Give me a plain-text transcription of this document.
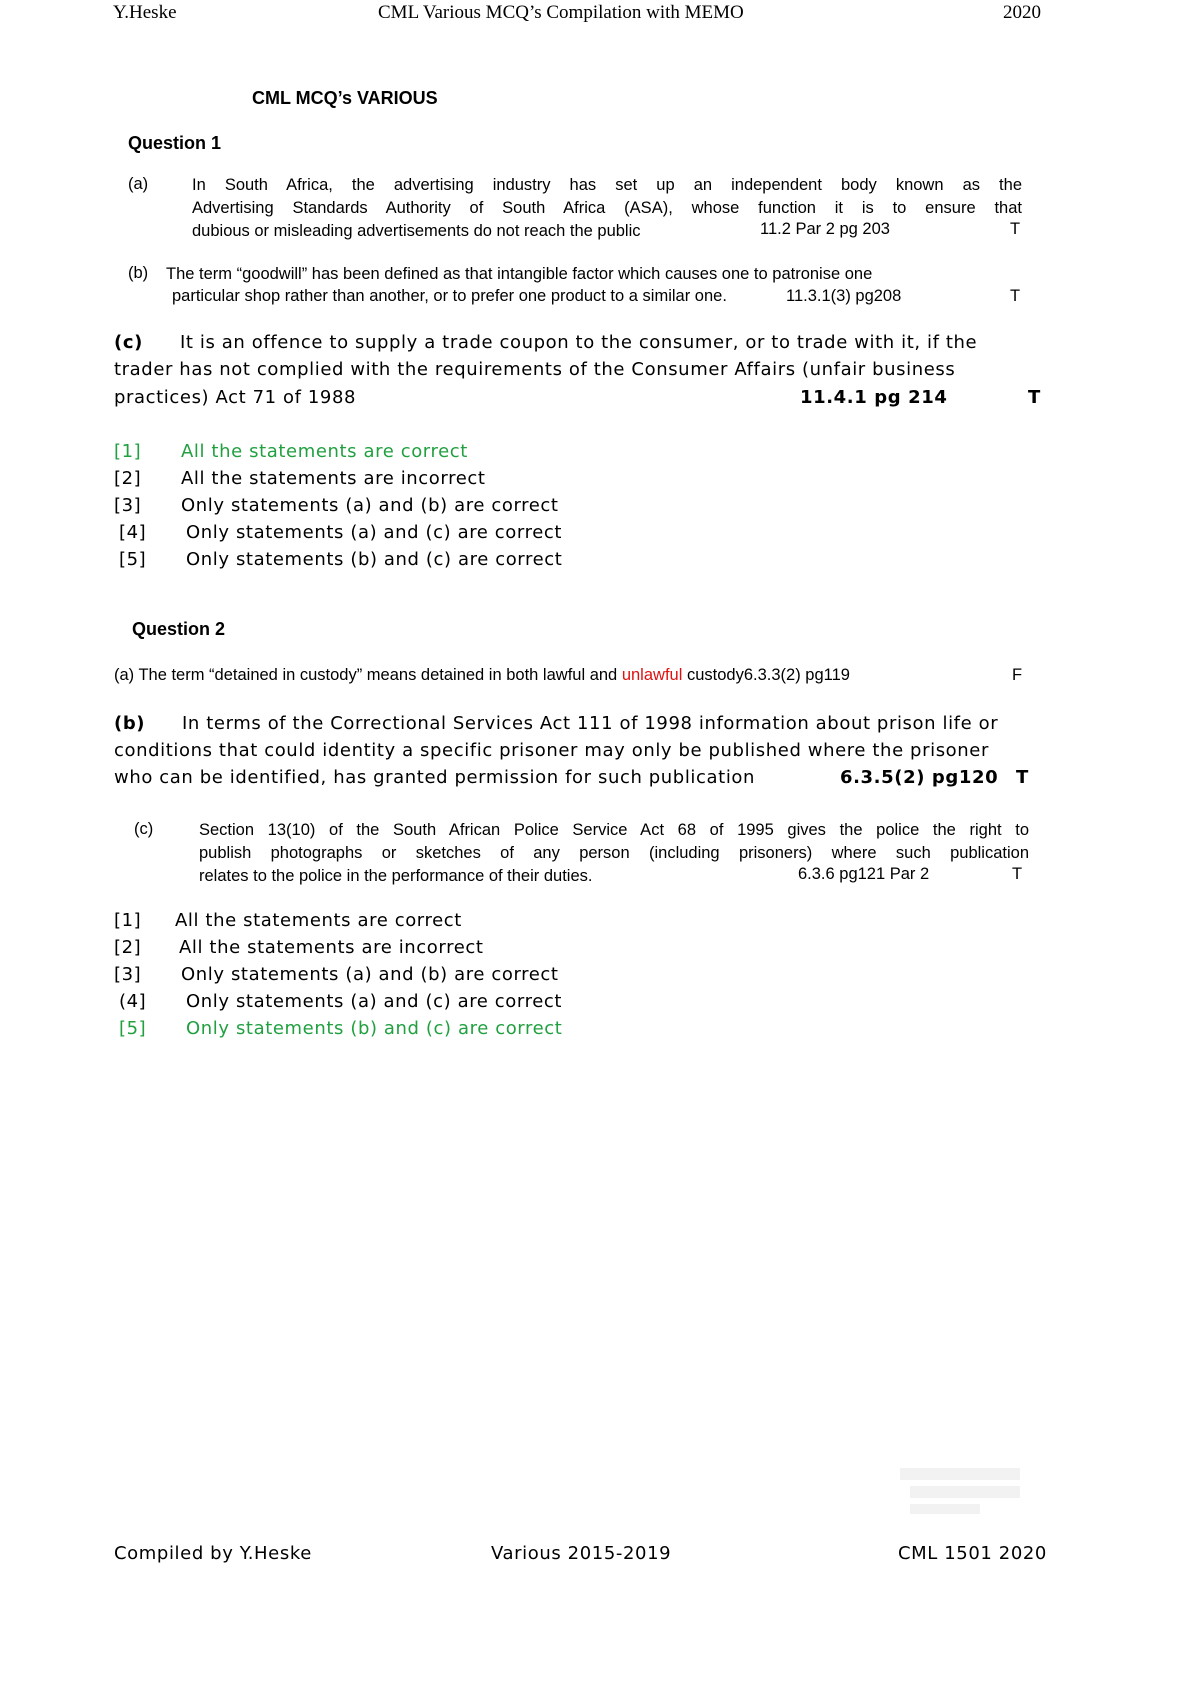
Y.Heske	CML Various MCQ’s Compilation with MEMO	2020
CML MCQ’s VARIOUS
Question 1
(a)	In South Africa, the advertising industry has set up an independent body known as the
Advertising Standards Authority of South Africa (ASA), whose function it is to ensure that
dubious or misleading advertisements do not reach the public	11.2 Par 2 pg 203	T
(b) The term “goodwill” has been defined as that intangible factor which causes one to patronise one
particular shop rather than another, or to prefer one product to a similar one.	11.3.1(3) pg208	T
(c) It is an offence to supply a trade coupon to the consumer, or to trade with it, if the
trader has not complied with the requirements of the Consumer Affairs (unfair business
practices) Act 71 of 1988	11.4.1 pg 214	T
[1] All the statements are correct
[2] All the statements are incorrect
[3] Only statements (a) and (b) are correct
[4] Only statements (a) and (c) are correct
[5] Only statements (b) and (c) are correct
Question 2
(a) The term “detained in custody” means detained in both lawful and unlawful custody6.3.3(2) pg119	F
(b) In terms of the Correctional Services Act 111 of 1998 information about prison life or
conditions that could identity a specific prisoner may only be published where the prisoner
who can be identified, has granted permission for such publication	6.3.5(2) pg120 T
(c)	Section 13(10) of the South African Police Service Act 68 of 1995 gives the police the right to
publish photographs or sketches of any person (including prisoners) where such publication
relates to the police in the performance of their duties.	6.3.6 pg121 Par 2	T
[1] All the statements are correct
[2] All the statements are incorrect
[3] Only statements (a) and (b) are correct
(4] Only statements (a) and (c) are correct
[5] Only statements (b) and (c) are correct
Compiled by Y.Heske	Various 2015-2019	CML 1501 2020
